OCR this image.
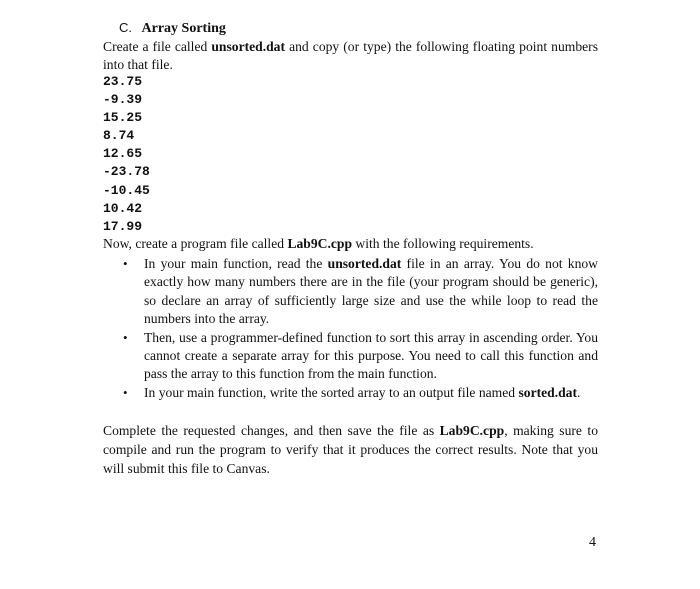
C. Array Sorting
Create a file called unsorted.dat and copy (or type) the following floating point numbers into that file.
23.75
-9.39
15.25
8.74
12.65
-23.78
-10.45
10.42
17.99
Now, create a program file called Lab9C.cpp with the following requirements.
• In your main function, read the unsorted.dat file in an array. You do not know exactly how many numbers there are in the file (your program should be generic), so declare an array of sufficiently large size and use the while loop to read the numbers into the array.
• Then, use a programmer-defined function to sort this array in ascending order. You cannot create a separate array for this purpose. You need to call this function and pass the array to this function from the main function.
• In your main function, write the sorted array to an output file named sorted.dat.
Complete the requested changes, and then save the file as Lab9C.cpp, making sure to compile and run the program to verify that it produces the correct results. Note that you will submit this file to Canvas.
4
